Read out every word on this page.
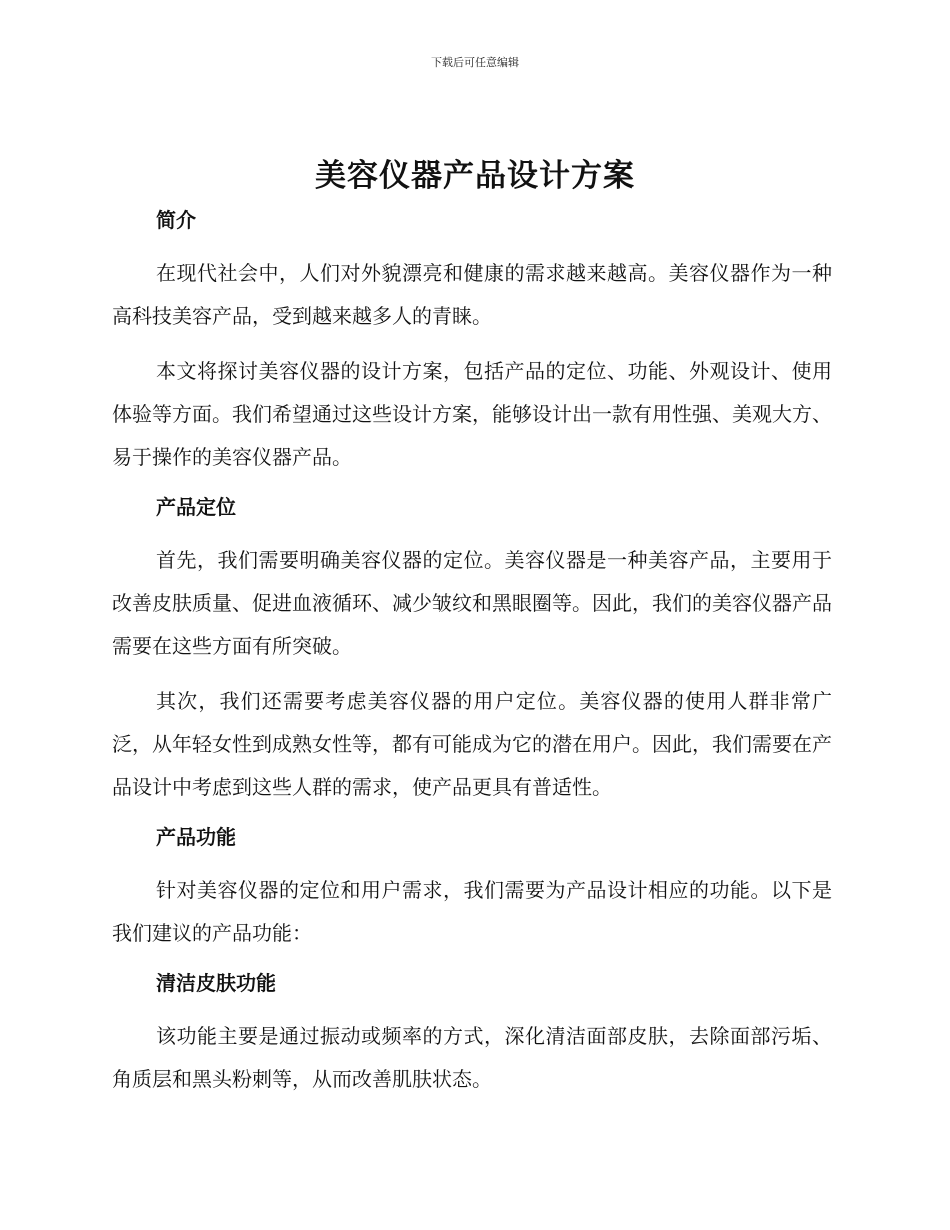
下载后可任意编辑
美容仪器产品设计方案
简介

在现代社会中，人们对外貌漂亮和健康的需求越来越高。美容仪器作为一种高科技美容产品，受到越来越多人的青睐。

本文将探讨美容仪器的设计方案，包括产品的定位、功能、外观设计、使用体验等方面。我们希望通过这些设计方案，能够设计出一款有用性强、美观大方、易于操作的美容仪器产品。

产品定位

首先，我们需要明确美容仪器的定位。美容仪器是一种美容产品，主要用于改善皮肤质量、促进血液循环、减少皱纹和黑眼圈等。因此，我们的美容仪器产品需要在这些方面有所突破。

其次，我们还需要考虑美容仪器的用户定位。美容仪器的使用人群非常广泛，从年轻女性到成熟女性等，都有可能成为它的潜在用户。因此，我们需要在产品设计中考虑到这些人群的需求，使产品更具有普适性。

产品功能

针对美容仪器的定位和用户需求，我们需要为产品设计相应的功能。以下是我们建议的产品功能：

清洁皮肤功能

该功能主要是通过振动或频率的方式，深化清洁面部皮肤，去除面部污垢、角质层和黑头粉刺等，从而改善肌肤状态。
